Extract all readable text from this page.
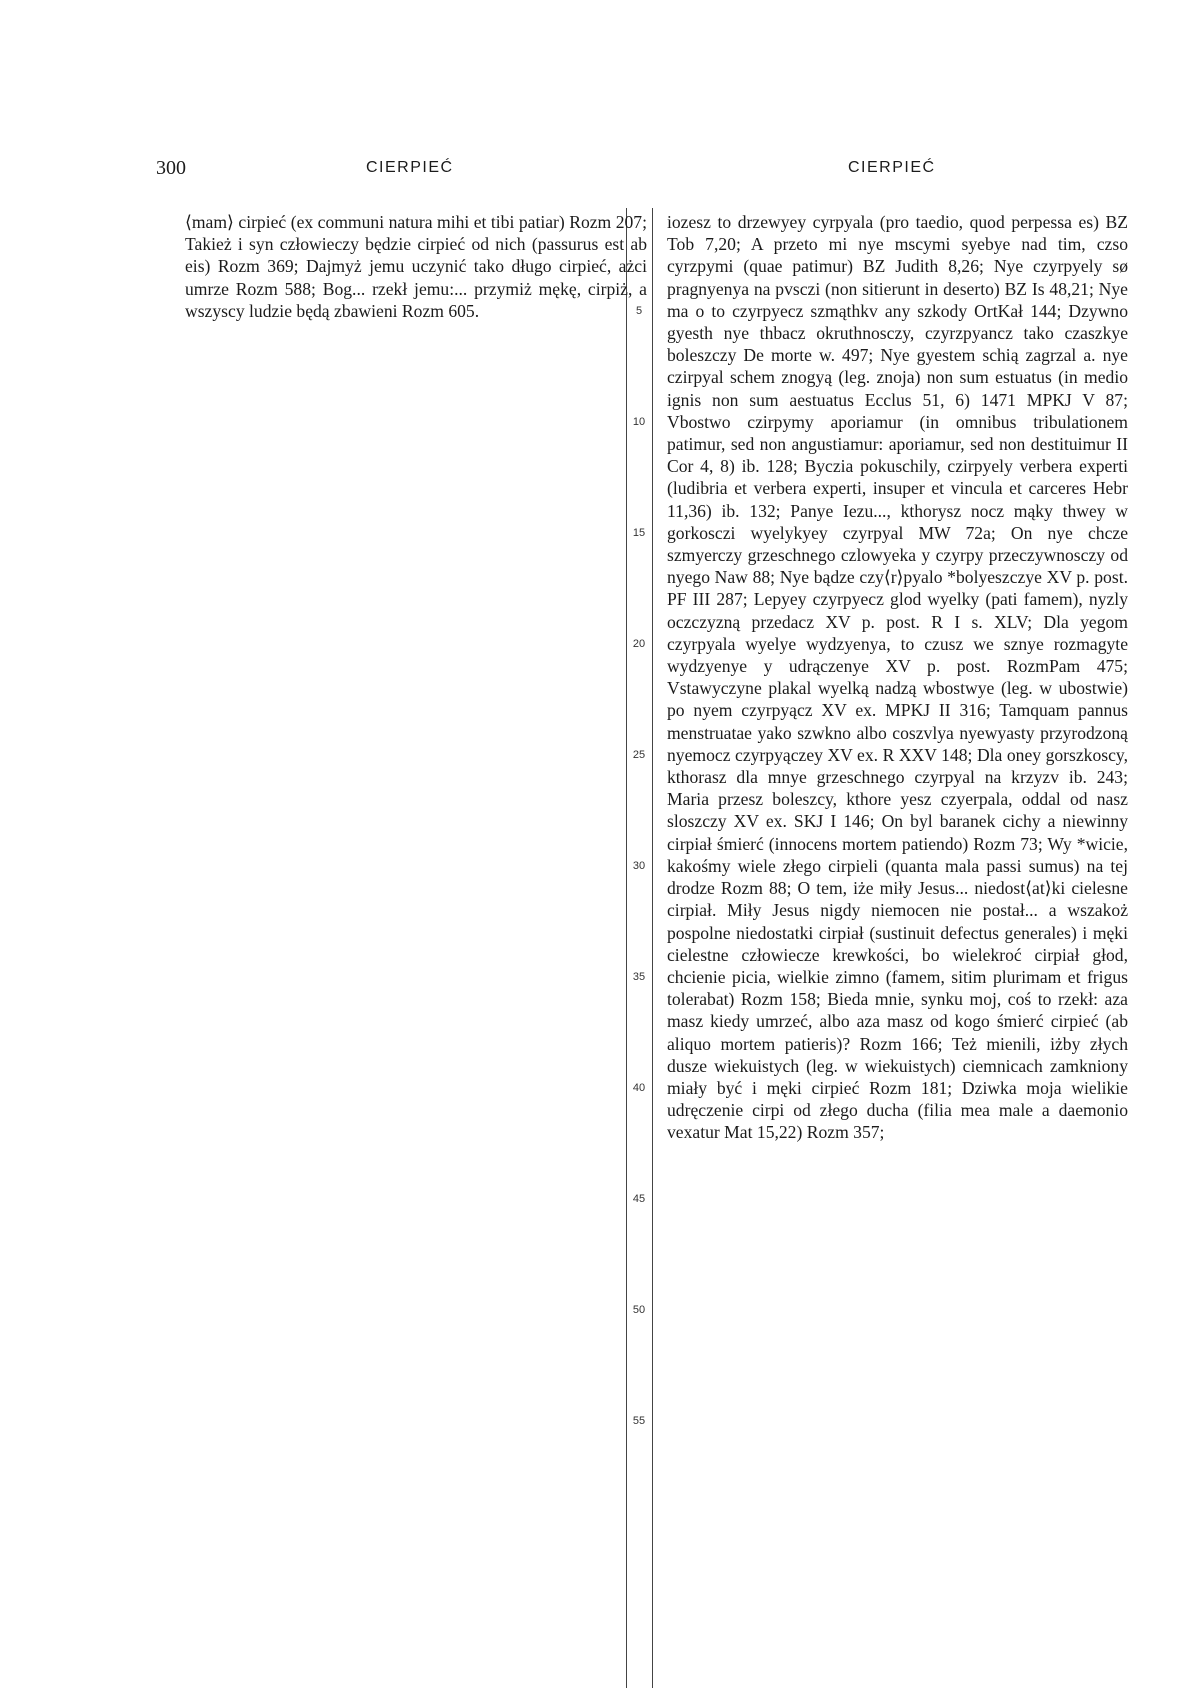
300	CIERPIEĆ	CIERPIEĆ

⟨mam⟩ cirpieć (ex communi natura mihi et tibi patiar) Rozm 207; Takież i syn człowieczy będzie cirpieć od nich (passurus est ab eis) Rozm 369; Dajmyż jemu uczynić tako długo cirpieć, ażci umrze Rozm 588; Bog... rzekł jemu:... przymiż mękę, cirpiż, a wszyscy ludzie będą zbawieni Rozm 605.	5
10
15
20
25
30
35
40
45
50
55

iozesz to drzewyey cyrpyala (pro taedio, quod perpessa es) BZ Tob 7,20; A przeto mi nye mscymi syebye nad tim, czso cyrzpymi (quae patimur) BZ Judith 8,26; Nye czyrpyely sø pragnyenya na pvsczi (non sitierunt in deserto) BZ Is 48,21; Nye ma o to czyrpyecz szmąthkv any szkody OrtKał 144; Dzywno gyesth nye thbacz okruthnosczy, czyrzpyancz tako czaszkye boleszczy De morte w. 497; Nye gyestem schią zagrzal a. nye czirpyal schem znogyą (leg. znoja) non sum estuatus (in medio ignis non sum aestuatus Ecclus 51, 6) 1471 MPKJ V 87; Vbostwo czirpymy aporiamur (in omnibus tribulationem patimur, sed non angustiamur: aporiamur, sed non destituimur II Cor 4, 8) ib. 128; Byczia pokuschily, czirpyely verbera experti (ludibria et verbera experti, insuper et vincula et carceres Hebr 11,36) ib. 132; Panye Iezu..., kthorysz nocz mąky thwey w gorkosczi wyelykyey czyrpyal MW 72a; On nye chcze szmyerczy grzeschnego czlowyeka y czyrpy przeczywnosczy od nyego Naw 88; Nye bądze czy⟨r⟩pyalo *bolyeszczye XV p. post. PF III 287; Lepyey czyrpyecz glod wyelky (pati famem), nyzly oczczyzną przedacz XV p. post. R I s. XLV; Dla yegom czyrpyala wyelye wydzyenya, to czusz we sznye rozmagyte wydzyenye y udrączenye XV p. post. RozmPam 475; Vstawyczyne plakal wyelką nadzą wbostwye (leg. w ubostwie) po nyem czyrpyącz XV ex. MPKJ II 316; Tamquam pannus menstruatae yako szwkno albo coszvlya nyewyasty przyrodzoną nyemocz czyrpyączey XV ex. R XXV 148; Dla oney gorszkoscy, kthorasz dla mnye grzeschnego czyrpyal na krzyzv ib. 243; Maria przesz boleszcy, kthore yesz czyerpala, oddal od nasz sloszczy XV ex. SKJ I 146; On byl baranek cichy a niewinny cirpiał śmierć (innocens mortem patiendo) Rozm 73; Wy *wicie, kakośmy wiele złego cirpieli (quanta mala passi sumus) na tej drodze Rozm 88; O tem, iże miły Jesus... niedost⟨at⟩ki cielesne cirpiał. Miły Jesus nigdy niemocen nie postał... a wszakoż pospolne niedostatki cirpiał (sustinuit defectus generales) i męki cielestne człowiecze krewkości, bo wielekroć cirpiał głod, chcienie picia, wielkie zimno (famem, sitim plurimam et frigus tolerabat) Rozm 158; Bieda mnie, synku moj, coś to rzekł: aza masz kiedy umrzeć, albo aza masz od kogo śmierć cirpieć (ab aliquo mortem patieris)? Rozm 166; Też mienili, iżby złych dusze wiekuistych (leg. w wiekuistych) ciemnicach zamkniony miały być i męki cirpieć Rozm 181; Dziwka moja wielikie udręczenie cirpi od złego ducha (filia mea male a daemonio vexatur Mat 15,22) Rozm 357;
